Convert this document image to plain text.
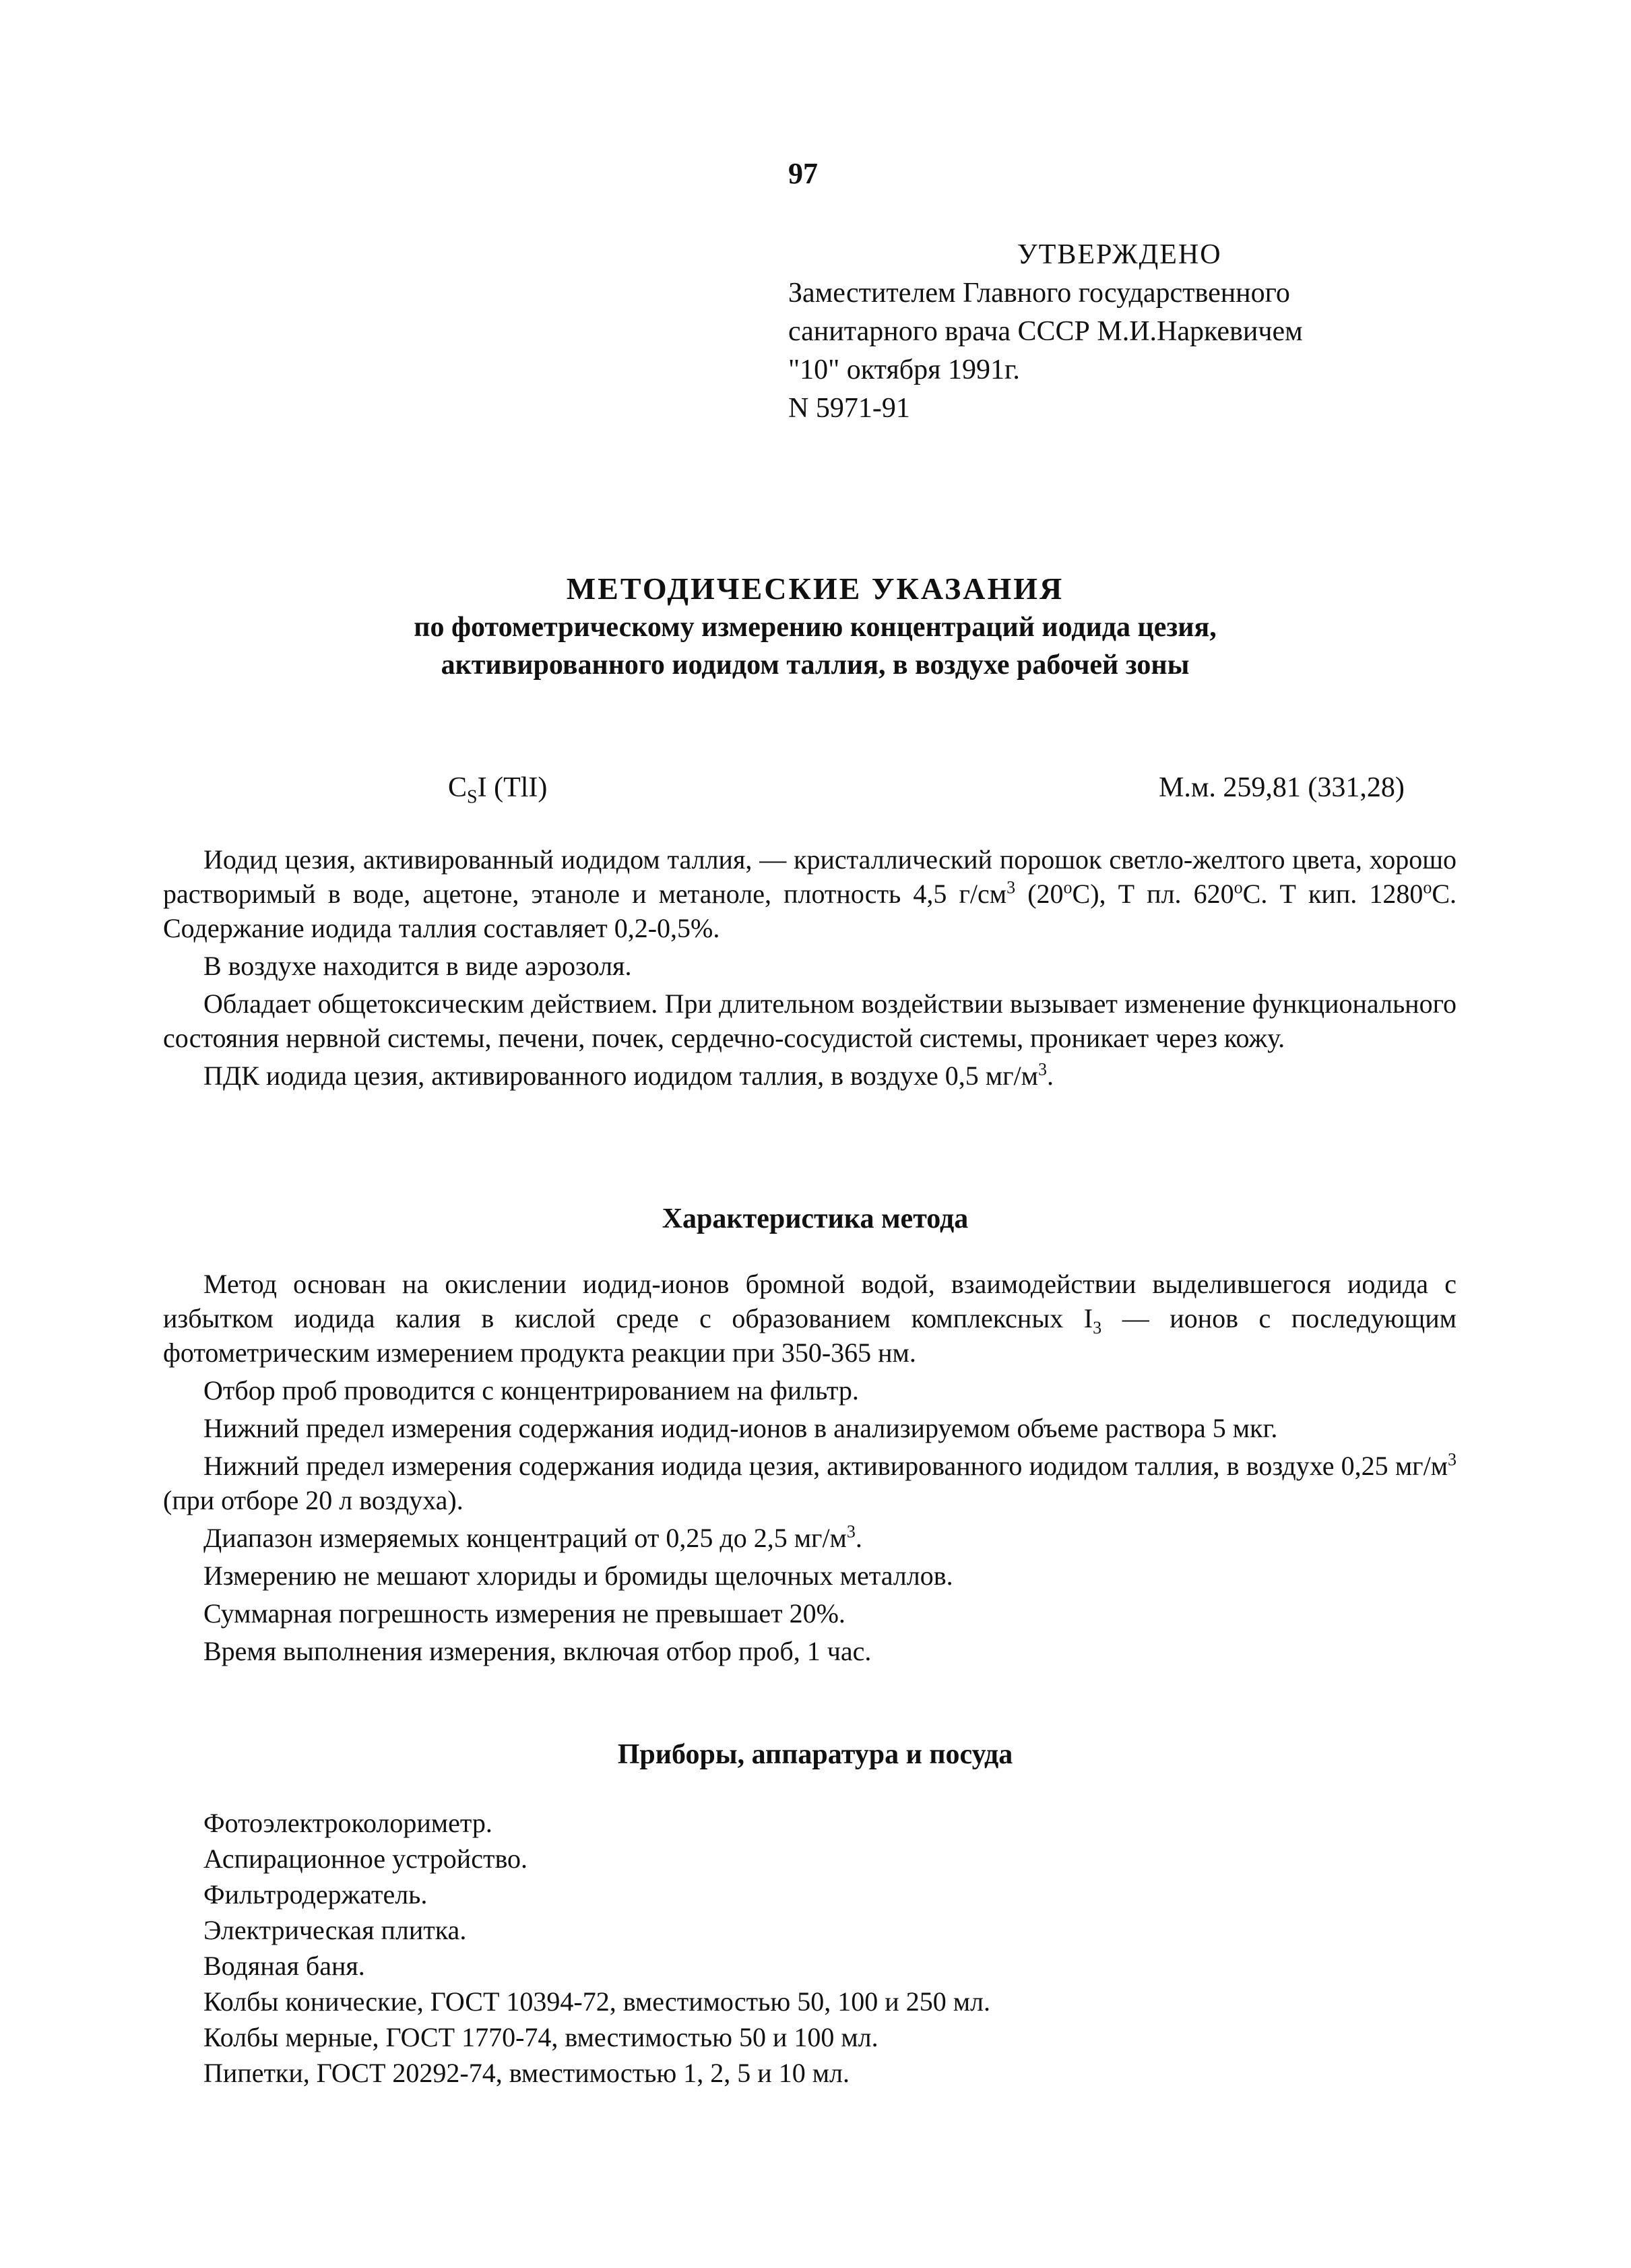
97
УТВЕРЖДЕНО
Заместителем Главного государственного
санитарного врача СССР М.И.Наркевичем
"10" октября 1991г.
N 5971-91
МЕТОДИЧЕСКИЕ УКАЗАНИЯ
по фотометрическому измерению концентраций иодида цезия,
активированного иодидом таллия, в воздухе рабочей зоны
$C_SI$ (TlI)	М.м. 259,81 (331,28)

Иодид цезия, активированный иодидом таллия, — кристаллический порошок светло-желтого цвета, хорошо растворимый в воде, ацетоне, этаноле и метаноле, плотность 4,5 $г/см^3$ $(20^оС)$, Т пл. $620^оС$. Т кип. $1280^оС$. Содержание иодида таллия составляет 0,2-0,5%.

В воздухе находится в виде аэрозоля.

Обладает общетоксическим действием. При длительном воздействии вызывает изменение функционального состояния нервной системы, печени, почек, сердечно-сосудистой системы, проникает через кожу.

ПДК иодида цезия, активированного иодидом таллия, в воздухе 0,5 $мг/м^3$.

Характеристика метода

Метод основан на окислении иодид-ионов бромной водой, взаимодействии выделившегося иодида с избытком иодида калия в кислой среде с образованием комплексных $I_3$ — ионов с последующим фотометрическим измерением продукта реакции при 350-365 нм.

Отбор проб проводится с концентрированием на фильтр.

Нижний предел измерения содержания иодид-ионов в анализируемом объеме раствора 5 мкг.

Нижний предел измерения содержания иодида цезия, активированного иодидом таллия, в воздухе 0,25 $мг/м^3$ (при отборе 20 л воздуха).

Диапазон измеряемых концентраций от 0,25 до 2,5 $мг/м^3$.

Измерению не мешают хлориды и бромиды щелочных металлов.

Суммарная погрешность измерения не превышает 20%.

Время выполнения измерения, включая отбор проб, 1 час.

Приборы, аппаратура и посуда
Фотоэлектроколориметр.
Аспирационное устройство.
Фильтродержатель.
Электрическая плитка.
Водяная баня.
Колбы конические, ГОСТ 10394-72, вместимостью 50, 100 и 250 мл.
Колбы мерные, ГОСТ 1770-74, вместимостью 50 и 100 мл.
Пипетки, ГОСТ 20292-74, вместимостью 1, 2, 5 и 10 мл.
